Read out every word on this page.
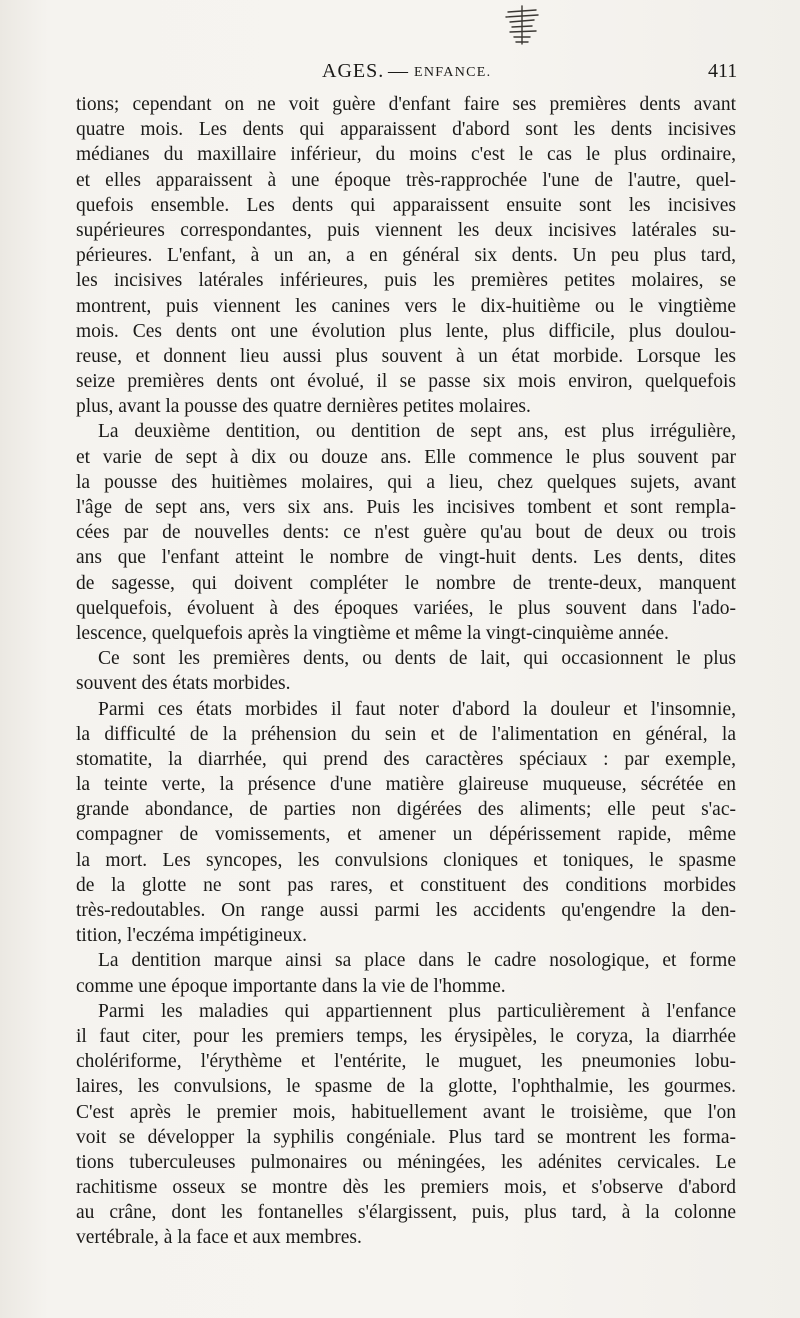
AGES. — ENFANCE.	411
tions; cependant on ne voit guère d'enfant faire ses premières dents avant
quatre mois. Les dents qui apparaissent d'abord sont les dents incisives
médianes du maxillaire inférieur, du moins c'est le cas le plus ordinaire,
et elles apparaissent à une époque très-rapprochée l'une de l'autre, quel-
quefois ensemble. Les dents qui apparaissent ensuite sont les incisives
supérieures correspondantes, puis viennent les deux incisives latérales su-
périeures. L'enfant, à un an, a en général six dents. Un peu plus tard,
les incisives latérales inférieures, puis les premières petites molaires, se
montrent, puis viennent les canines vers le dix-huitième ou le vingtième
mois. Ces dents ont une évolution plus lente, plus difficile, plus doulou-
reuse, et donnent lieu aussi plus souvent à un état morbide. Lorsque les
seize premières dents ont évolué, il se passe six mois environ, quelquefois
plus, avant la pousse des quatre dernières petites molaires.
La deuxième dentition, ou dentition de sept ans, est plus irrégulière,
et varie de sept à dix ou douze ans. Elle commence le plus souvent par
la pousse des huitièmes molaires, qui a lieu, chez quelques sujets, avant
l'âge de sept ans, vers six ans. Puis les incisives tombent et sont rempla-
cées par de nouvelles dents: ce n'est guère qu'au bout de deux ou trois
ans que l'enfant atteint le nombre de vingt-huit dents. Les dents, dites
de sagesse, qui doivent compléter le nombre de trente-deux, manquent
quelquefois, évoluent à des époques variées, le plus souvent dans l'ado-
lescence, quelquefois après la vingtième et même la vingt-cinquième année.
Ce sont les premières dents, ou dents de lait, qui occasionnent le plus
souvent des états morbides.
Parmi ces états morbides il faut noter d'abord la douleur et l'insomnie,
la difficulté de la préhension du sein et de l'alimentation en général, la
stomatite, la diarrhée, qui prend des caractères spéciaux : par exemple,
la teinte verte, la présence d'une matière glaireuse muqueuse, sécrétée en
grande abondance, de parties non digérées des aliments; elle peut s'ac-
compagner de vomissements, et amener un dépérissement rapide, même
la mort. Les syncopes, les convulsions cloniques et toniques, le spasme
de la glotte ne sont pas rares, et constituent des conditions morbides
très-redoutables. On range aussi parmi les accidents qu'engendre la den-
tition, l'eczéma impétigineux.
La dentition marque ainsi sa place dans le cadre nosologique, et forme
comme une époque importante dans la vie de l'homme.
Parmi les maladies qui appartiennent plus particulièrement à l'enfance
il faut citer, pour les premiers temps, les érysipèles, le coryza, la diarrhée
cholériforme, l'érythème et l'entérite, le muguet, les pneumonies lobu-
laires, les convulsions, le spasme de la glotte, l'ophthalmie, les gourmes.
C'est après le premier mois, habituellement avant le troisième, que l'on
voit se développer la syphilis congéniale. Plus tard se montrent les forma-
tions tuberculeuses pulmonaires ou méningées, les adénites cervicales. Le
rachitisme osseux se montre dès les premiers mois, et s'observe d'abord
au crâne, dont les fontanelles s'élargissent, puis, plus tard, à la colonne
vertébrale, à la face et aux membres.
